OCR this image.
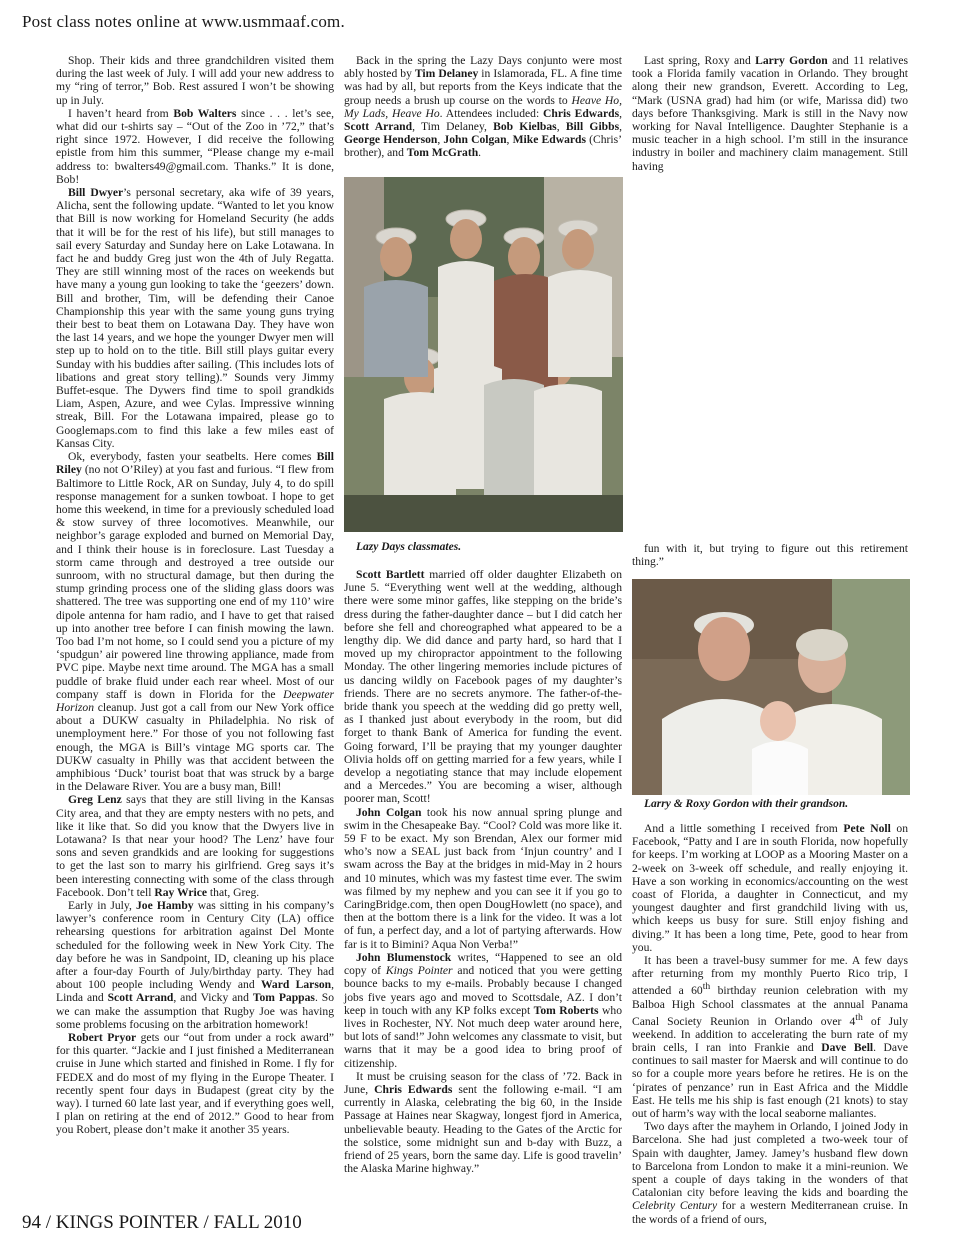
Post class notes online at www.usmmaaf.com.

Shop. Their kids and three grandchildren visited them during the last week of July. I will add your new address to my “ring of terror,” Bob. Rest assured I won’t be showing up in July.

I haven’t heard from Bob Walters since . . . let’s see, what did our t-shirts say – “Out of the Zoo in ’72,” that’s right since 1972. However, I did receive the following epistle from him this summer, “Please change my e-mail address to: bwalters49@gmail.com. Thanks.” It is done, Bob!

Bill Dwyer’s personal secretary, aka wife of 39 years, Alicha, sent the following update. “Wanted to let you know that Bill is now working for Homeland Security (he adds that it will be for the rest of his life), but still manages to sail every Saturday and Sunday here on Lake Lotawana. In fact he and buddy Greg just won the 4th of July Regatta. They are still winning most of the races on weekends but have many a young gun looking to take the ‘geezers’ down. Bill and brother, Tim, will be defending their Canoe Championship this year with the same young guns trying their best to beat them on Lotawana Day. They have won the last 14 years, and we hope the younger Dwyer men will step up to hold on to the title. Bill still plays guitar every Sunday with his buddies after sailing. (This includes lots of libations and great story telling).” Sounds very Jimmy Buffet-esque. The Dywers find time to spoil grandkids Liam, Aspen, Azure, and wee Cylas. Impressive winning streak, Bill. For the Lotawana impaired, please go to Googlemaps.com to find this lake a few miles east of Kansas City.

Ok, everybody, fasten your seatbelts. Here comes Bill Riley (no not O’Riley) at you fast and furious. “I flew from Baltimore to Little Rock, AR on Sunday, July 4, to do spill response management for a sunken towboat. I hope to get home this weekend, in time for a previously scheduled load & stow survey of three locomotives. Meanwhile, our neighbor’s garage exploded and burned on Memorial Day, and I think their house is in foreclosure. Last Tuesday a storm came through and destroyed a tree outside our sunroom, with no structural damage, but then during the stump grinding process one of the sliding glass doors was shattered. The tree was supporting one end of my 110’ wire dipole antenna for ham radio, and I have to get that raised up into another tree before I can finish mowing the lawn. Too bad I’m not home, so I could send you a picture of my ‘spudgun’ air powered line throwing appliance, made from PVC pipe. Maybe next time around. The MGA has a small puddle of brake fluid under each rear wheel. Most of our company staff is down in Florida for the Deepwater Horizon cleanup. Just got a call from our New York office about a DUKW casualty in Philadelphia. No risk of unemployment here.” For those of you not following fast enough, the MGA is Bill’s vintage MG sports car. The DUKW casualty in Philly was that accident between the amphibious ‘Duck’ tourist boat that was struck by a barge in the Delaware River. You are a busy man, Bill!

Greg Lenz says that they are still living in the Kansas City area, and that they are empty nesters with no pets, and like it like that. So did you know that the Dwyers live in Lotawana? Is that near your hood? The Lenz’ have four sons and seven grandkids and are looking for suggestions to get the last son to marry his girlfriend. Greg says it’s been interesting connecting with some of the class through Facebook. Don’t tell Ray Wrice that, Greg.

Early in July, Joe Hamby was sitting in his company’s lawyer’s conference room in Century City (LA) office rehearsing questions for arbitration against Del Monte scheduled for the following week in New York City. The day before he was in Sandpoint, ID, cleaning up his place after a four-day Fourth of July/birthday party. They had about 100 people including Wendy and Ward Larson, Linda and Scott Arrand, and Vicky and Tom Pappas. So we can make the assumption that Rugby Joe was having some problems focusing on the arbitration homework!

Robert Pryor gets our “out from under a rock award” for this quarter. “Jackie and I just finished a Mediterranean cruise in June which started and finished in Rome. I fly for FEDEX and do most of my flying in the Europe Theater. I recently spent four days in Budapest (great city by the way). I turned 60 late last year, and if everything goes well, I plan on retiring at the end of 2012.” Good to hear from you Robert, please don’t make it another 35 years.

Back in the spring the Lazy Days conjunto were most ably hosted by Tim Delaney in Islamorada, FL. A fine time was had by all, but reports from the Keys indicate that the group needs a brush up course on the words to Heave Ho, My Lads, Heave Ho. Attendees included: Chris Edwards, Scott Arrand, Tim Delaney, Bob Kielbas, Bill Gibbs, George Henderson, John Colgan, Mike Edwards (Chris’ brother), and Tom McGrath.

Lazy Days classmates.

Scott Bartlett married off older daughter Elizabeth on June 5. “Everything went well at the wedding, although there were some minor gaffes, like stepping on the bride’s dress during the father-daughter dance – but I did catch her before she fell and choreographed what appeared to be a lengthy dip. We did dance and party hard, so hard that I moved up my chiropractor appointment to the following Monday. The other lingering memories include pictures of us dancing wildly on Facebook pages of my daughter’s friends. There are no secrets anymore. The father-of-the-bride thank you speech at the wedding did go pretty well, as I thanked just about everybody in the room, but did forget to thank Bank of America for funding the event. Going forward, I’ll be praying that my younger daughter Olivia holds off on getting married for a few years, while I develop a negotiating stance that may include elopement and a Mercedes.” You are becoming a wiser, although poorer man, Scott!

John Colgan took his now annual spring plunge and swim in the Chesapeake Bay. “Cool? Cold was more like it. 59 F to be exact. My son Brendan, Alex our former mid who’s now a SEAL just back from ‘Injun country’ and I swam across the Bay at the bridges in mid-May in 2 hours and 10 minutes, which was my fastest time ever. The swim was filmed by my nephew and you can see it if you go to CaringBridge.com, then open DougHowlett (no space), and then at the bottom there is a link for the video. It was a lot of fun, a perfect day, and a lot of partying afterwards. How far is it to Bimini? Aqua Non Verba!”

John Blumenstock writes, “Happened to see an old copy of Kings Pointer and noticed that you were getting bounce backs to my e-mails. Probably because I changed jobs five years ago and moved to Scottsdale, AZ. I don’t keep in touch with any KP folks except Tom Roberts who lives in Rochester, NY. Not much deep water around here, but lots of sand!” John welcomes any classmate to visit, but warns that it may be a good idea to bring proof of citizenship.

It must be cruising season for the class of ’72. Back in June, Chris Edwards sent the following e-mail. “I am currently in Alaska, celebrating the big 60, in the Inside Passage at Haines near Skagway, longest fjord in America, unbelievable beauty. Heading to the Gates of the Arctic for the solstice, some midnight sun and b-day with Buzz, a friend of 25 years, born the same day. Life is good travelin’ the Alaska Marine highway.”

Last spring, Roxy and Larry Gordon and 11 relatives took a Florida family vacation in Orlando. They brought along their new grandson, Everett. According to Leg, “Mark (USNA grad) had him (or wife, Marissa did) two days before Thanksgiving. Mark is still in the Navy now working for Naval Intelligence. Daughter Stephanie is a music teacher in a high school. I’m still in the insurance industry in boiler and machinery claim management. Still having

fun with it, but trying to figure out this retirement thing.”

Larry & Roxy Gordon with their grandson.

And a little something I received from Pete Noll on Facebook, “Patty and I are in south Florida, now hopefully for keeps. I’m working at LOOP as a Mooring Master on a 2-week on 3-week off schedule, and really enjoying it. Have a son working in economics/accounting on the west coast of Florida, a daughter in Connecticut, and my youngest daughter and first grandchild living with us, which keeps us busy for sure. Still enjoy fishing and diving.” It has been a long time, Pete, good to hear from you.

It has been a travel-busy summer for me. A few days after returning from my monthly Puerto Rico trip, I attended a 60th birthday reunion celebration with my Balboa High School classmates at the annual Panama Canal Society Reunion in Orlando over 4th of July weekend. In addition to accelerating the burn rate of my brain cells, I ran into Frankie and Dave Bell. Dave continues to sail master for Maersk and will continue to do so for a couple more years before he retires. He is on the ‘pirates of penzance’ run in East Africa and the Middle East. He tells me his ship is fast enough (21 knots) to stay out of harm’s way with the local seaborne maliantes.

Two days after the mayhem in Orlando, I joined Jody in Barcelona. She had just completed a two-week tour of Spain with daughter, Jamey. Jamey’s husband flew down to Barcelona from London to make it a mini-reunion. We spent a couple of days taking in the wonders of that Catalonian city before leaving the kids and boarding the Celebrity Century for a western Mediterranean cruise. In the words of a friend of ours,

94 / KINGS POINTER / FALL 2010
